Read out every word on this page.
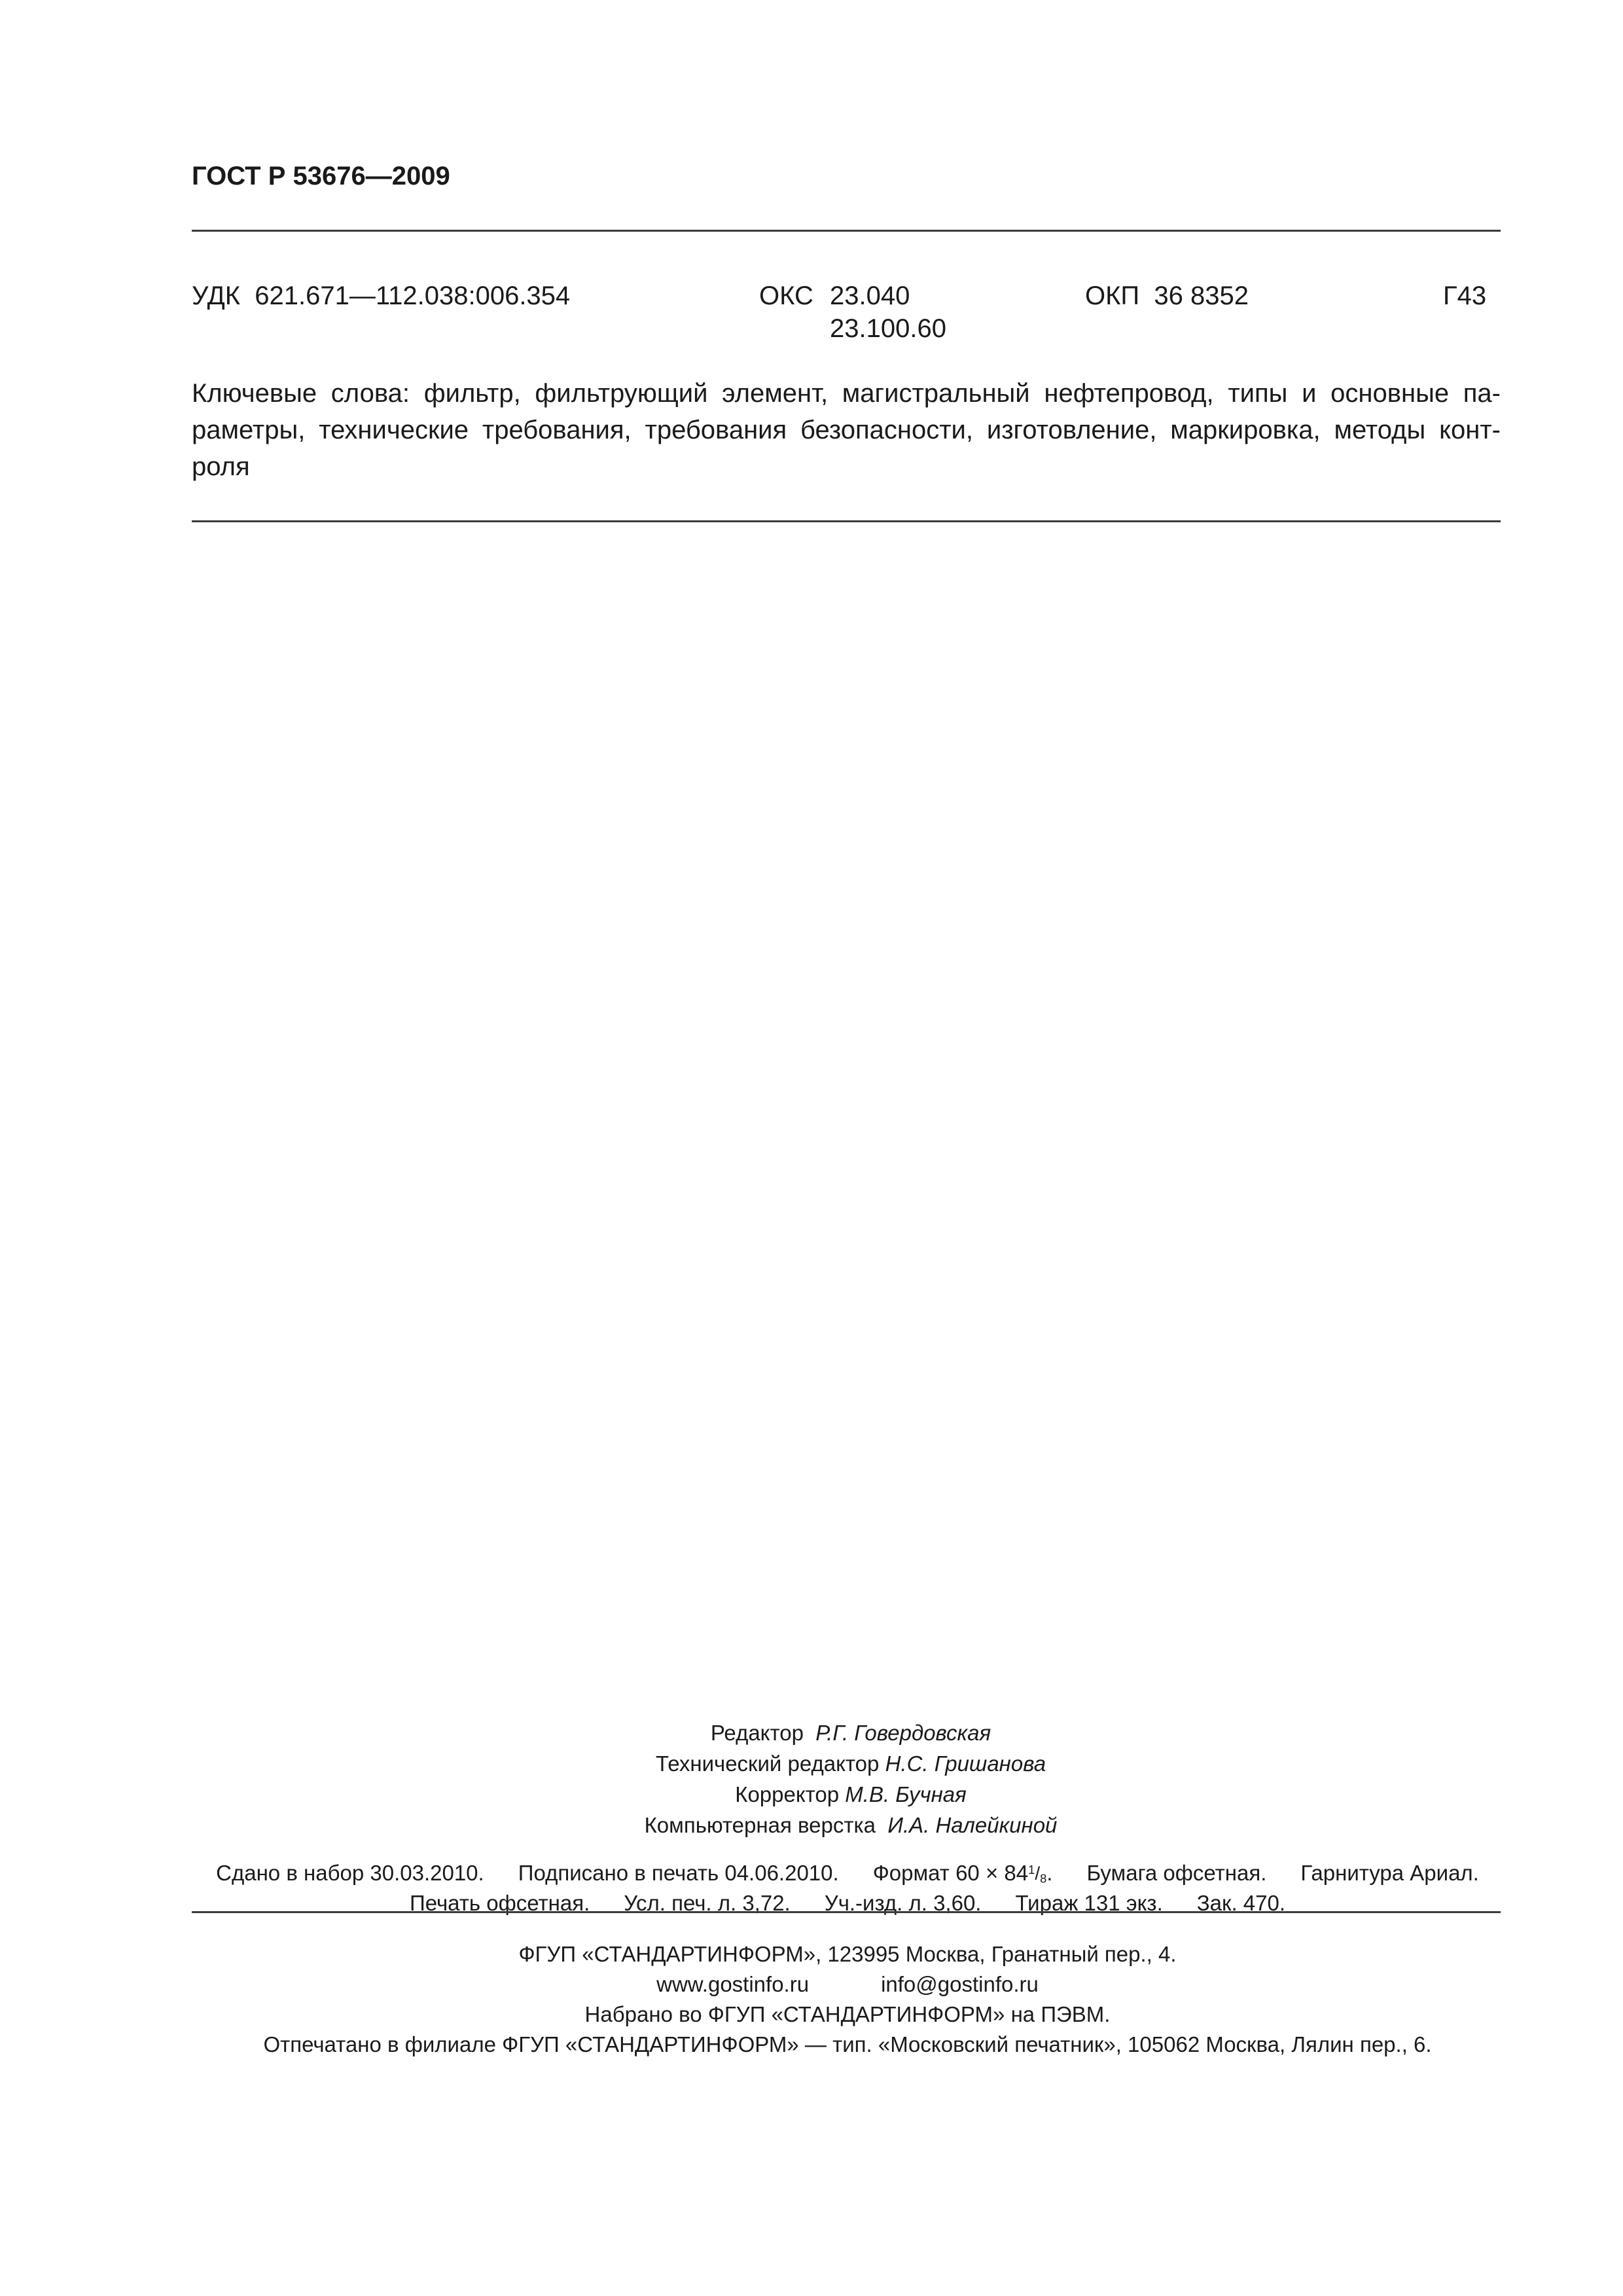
ГОСТ Р 53676—2009
УДК 621.671—112.038:006.354	ОКС 23.040
23.100.60
ОКП 36 8352	Г43
Ключевые слова: фильтр, фильтрующий элемент, магистральный нефтепровод, типы и основные па-
раметры, технические требования, требования безопасности, изготовление, маркировка, методы конт-
роля
Редактор Р.Г. Говердовская
Технический редактор Н.С. Гришанова
Корректор М.В. Бучная
Компьютерная верстка И.А. Налейкиной
Сдано в набор 30.03.2010. Подписано в печать 04.06.2010. Формат $60 \times 84^1/_8$. Бумага офсетная. Гарнитура Ариал.
Печать офсетная. Усл. печ. л. 3,72. Уч.-изд. л. 3,60. Тираж 131 экз. Зак. 470.
ФГУП «СТАНДАРТИНФОРМ», 123995 Москва, Гранатный пер., 4.
www.gostinfo.ru	info@gostinfo.ru
Набрано во ФГУП «СТАНДАРТИНФОРМ» на ПЭВМ.
Отпечатано в филиале ФГУП «СТАНДАРТИНФОРМ» — тип. «Московский печатник», 105062 Москва, Лялин пер., 6.
